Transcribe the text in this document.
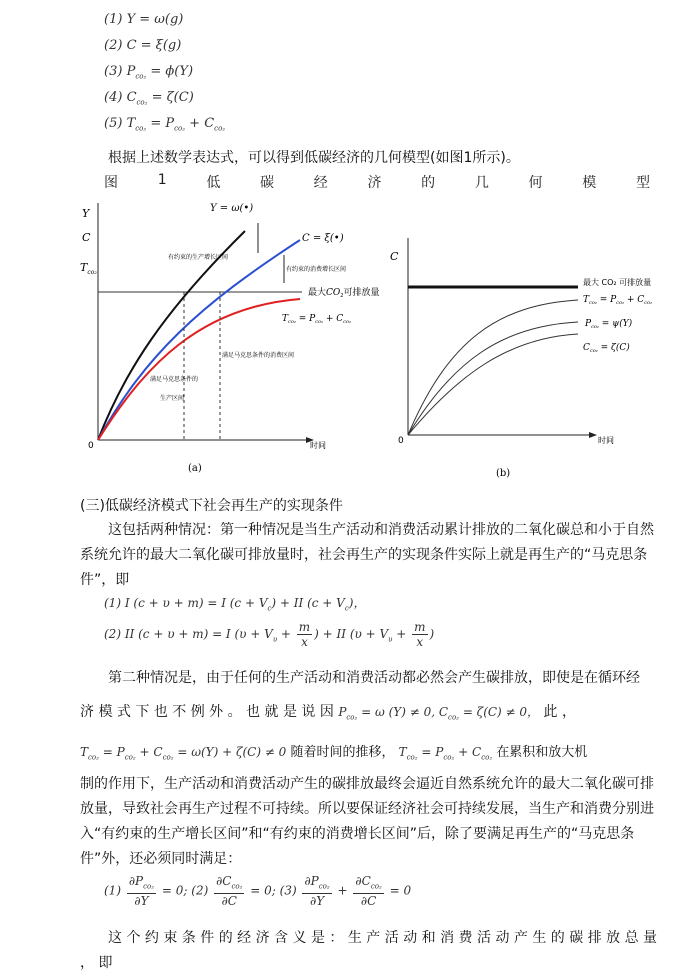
(1) Y = ω(g)
(2) C = ξ(g)
(3) $P_{co_2} = \phi(Y)$
(4) $C_{co_2} = \zeta(C)$
(5) $T_{co_2} = P_{co_2} + C_{co_2}$
根据上述数学表达式，可以得到低碳经济的几何模型(如图1所示)。
图	1	低	碳	经	济	的	几	何	模	型
Y
C
$T_{co_2}$
0	时间
Y = ω(•)
C = ξ(•)
$T_{co_2} = P_{co_2} + C_{co_2}$
最大$CO_2$可排放量
有约束的生产增长区间
有约束的消费增长区间
满足马克思条件的消费区间
满足马克思条件的
生产区间
(a)
C
0	时间
最大 CO₂ 可排放量
$T_{co_2} = P_{co_2} + C_{co_2}$
$P_{co_2} = \psi(Y)$
$C_{co_2} = \zeta(C)$
(b)
(三)低碳经济模式下社会再生产的实现条件
这包括两种情况：第一种情况是当生产活动和消费活动累计排放的二氧化碳总和小于自然系统允许的最大二氧化碳可排放量时，社会再生产的实现条件实际上就是再生产的“马克思条件”，即
(1) I (c + υ + m) = I $(c + V_c)$ + II $(c + V_c)$，
(2) II (c + υ + m) = I ($\upsilon + V_\upsilon + \frac{m}{x}$ ) + II ($\upsilon + V_\upsilon + \frac{m}{x}$ )
第二种情况是，由于任何的生产活动和消费活动都必然会产生碳排放，即使是在循环经
济 模 式 下 也 不 例 外 。 也 就 是 说 因 $P_{co_2} = \omega$ (Y) ≠ 0, $C_{co_2} = \zeta(C) \ne 0$， 此 ，
$T_{co_2} = P_{co_2} + C_{co_2} = \omega(Y) + \zeta(C) \ne 0$ 随着时间的推移， $T_{co_2} = P_{co_2} + C_{co_2}$ 在累积和放大机
制的作用下，生产活动和消费活动产生的碳排放最终会逼近自然系统允许的最大二氧化碳可排放量，导致社会再生产过程不可持续。所以要保证经济社会可持续发展，当生产和消费分别进入“有约束的生产增长区间”和“有约束的消费增长区间”后，除了要满足再生产的“马克思条件”外，还必须同时满足：
$(1) \frac{\partial P_{co_2}}{\partial Y} = 0$; $(2) \frac{\partial C_{co_2}}{\partial C} = 0$; $(3) \frac{\partial P_{co_2}}{\partial Y} + \frac{\partial C_{co_2}}{\partial C} = 0$
这 个 约 束 条 件 的 经 济 含 义 是 ： 生 产 活 动 和 消 费 活 动 产 生 的 碳 排 放 总 量 ， 即
